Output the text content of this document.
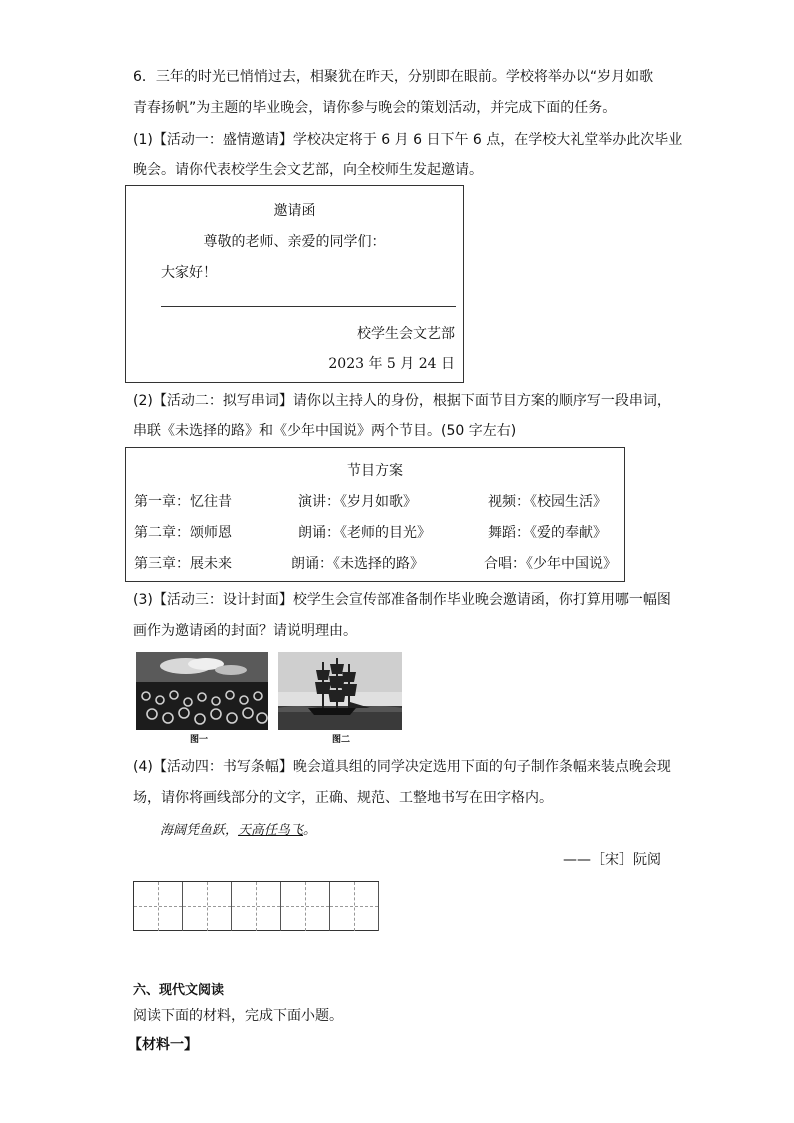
6．三年的时光已悄悄过去，相聚犹在昨天，分别即在眼前。学校将举办以“岁月如歌
青春扬帆”为主题的毕业晚会，请你参与晚会的策划活动，并完成下面的任务。
(1)【活动一：盛情邀请】学校决定将于 6 月 6 日下午 6 点，在学校大礼堂举办此次毕业
晚会。请你代表校学生会文艺部，向全校师生发起邀请。
邀请函
尊敬的老师、亲爱的同学们：
大家好！
校学生会文艺部
2023 年 5 月 24 日
(2)【活动二：拟写串词】请你以主持人的身份，根据下面节目方案的顺序写一段串词，
串联《未选择的路》和《少年中国说》两个节目。(50 字左右)
节目方案
第一章：忆往昔	演讲：《岁月如歌》	视频：《校园生活》
第二章：颂师恩	朗诵：《老师的目光》	舞蹈：《爱的奉献》
第三章：展未来	朗诵：《未选择的路》	合唱：《少年中国说》
(3)【活动三：设计封面】校学生会宣传部准备制作毕业晚会邀请函，你打算用哪一幅图
画作为邀请函的封面？请说明理由。
图一	图二
(4)【活动四：书写条幅】晚会道具组的同学决定选用下面的句子制作条幅来装点晚会现
场，请你将画线部分的文字，正确、规范、工整地书写在田字格内。
海阔凭鱼跃，天高任鸟飞。
——［宋］阮阅
六、现代文阅读
阅读下面的材料，完成下面小题。
【材料一】
